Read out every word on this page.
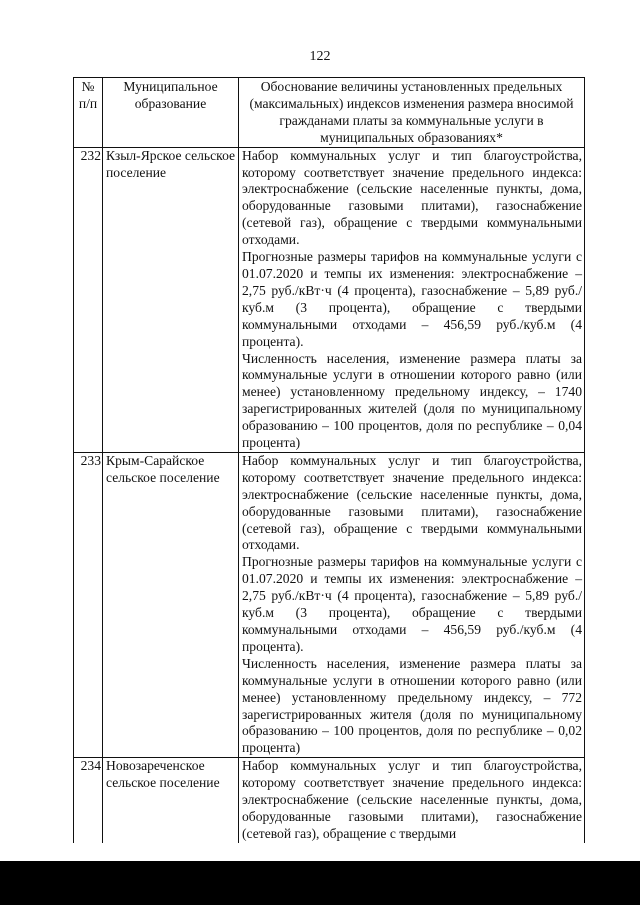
122
№ п/п	Муниципальное образование	Обоснование величины установленных предельных (максимальных) индексов изменения размера вносимой гражданами платы за коммунальные услуги в муниципальных образованиях*
232	Кзыл-Ярское сельское поселение	Набор коммунальных услуг и тип благоустройства, которому соответствует значение предельного индекса: электроснабжение (сельские населенные пункты, дома, оборудованные газовыми плитами), газоснабжение (сетевой газ), обращение с твердыми коммунальными отходами.

Прогнозные размеры тарифов на коммунальные услуги с 01.07.2020 и темпы их изменения: электроснабжение – 2,75 руб./кВт·ч (4 процента), газоснабжение – 5,89 руб./куб.м (3 процента), обращение с твердыми коммунальными отходами – 456,59 руб./куб.м (4 процента).

Численность населения, изменение размера платы за коммунальные услуги в отношении которого равно (или менее) установленному предельному индексу, – 1740 зарегистрированных жителей (доля по муниципальному образованию – 100 процентов, доля по республике – 0,04 процента)

233	Крым-Сарайское сельское поселение	Набор коммунальных услуг и тип благоустройства, которому соответствует значение предельного индекса: электроснабжение (сельские населенные пункты, дома, оборудованные газовыми плитами), газоснабжение (сетевой газ), обращение с твердыми коммунальными отходами.

Прогнозные размеры тарифов на коммунальные услуги с 01.07.2020 и темпы их изменения: электроснабжение – 2,75 руб./кВт·ч (4 процента), газоснабжение – 5,89 руб./куб.м (3 процента), обращение с твердыми коммунальными отходами – 456,59 руб./куб.м (4 процента).

Численность населения, изменение размера платы за коммунальные услуги в отношении которого равно (или менее) установленному предельному индексу, – 772 зарегистрированных жителя (доля по муниципальному образованию – 100 процентов, доля по республике – 0,02 процента)

234	Новозареченское сельское поселение	Набор коммунальных услуг и тип благоустройства, которому соответствует значение предельного индекса: электроснабжение (сельские населенные пункты, дома, оборудованные газовыми плитами), газоснабжение (сетевой газ), обращение с твердыми
